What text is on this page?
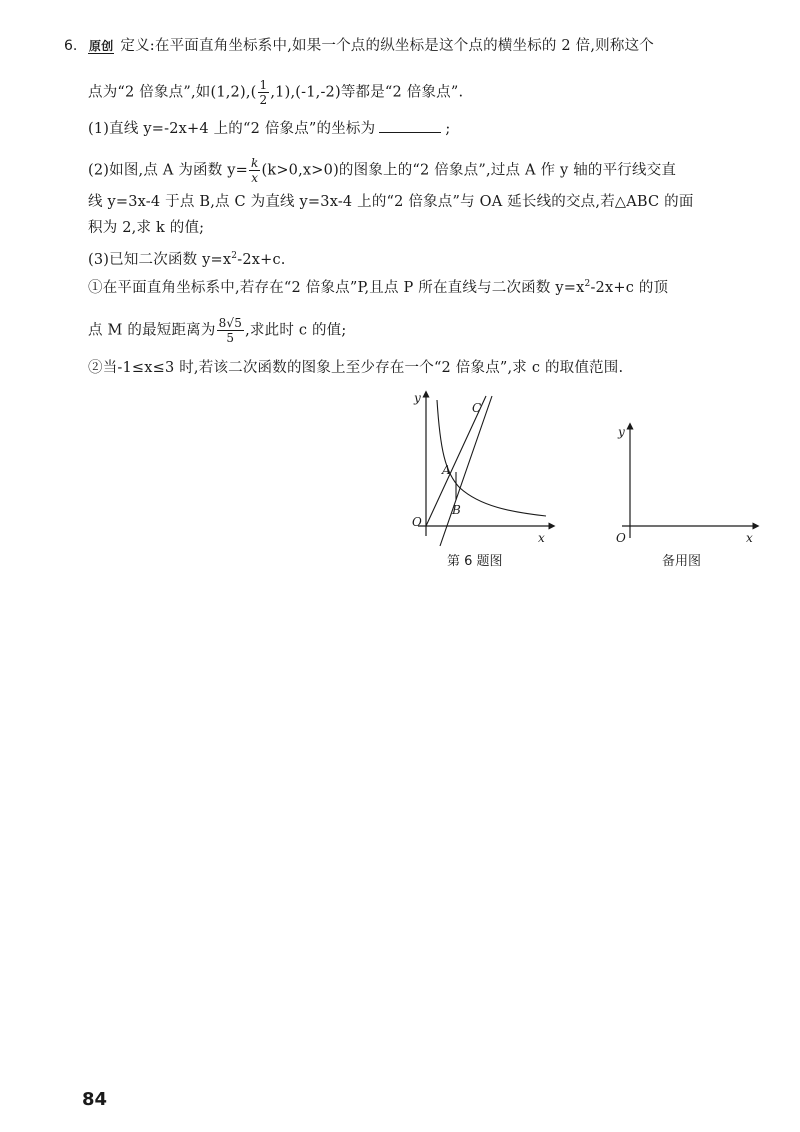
6. 原创 定义:在平面直角坐标系中,如果一个点的纵坐标是这个点的横坐标的 2 倍,则称这个
点为“2 倍象点”,如$(1,2),( \frac{1}{2} ,1),(-1,-2)$等都是“2 倍象点”.
(1)直线 y=-2x+4 上的“2 倍象点”的坐标为	;
(2)如图,点 A 为函数 $y= \frac{k}{x} (k>0,x>0)$的图象上的“2 倍象点”,过点 A 作 y 轴的平行线交直
线 y=3x-4 于点 B,点 C 为直线 y=3x-4 上的“2 倍象点”与 OA 延长线的交点,若△ABC 的面
积为 2,求 k 的值;
(3)已知二次函数 $y=x^2-2x+c$.
①在平面直角坐标系中,若存在“2 倍象点”P,且点 P 所在直线与二次函数 $y=x^2-2x+c$ 的顶
点 M 的最短距离为 $\frac{8√5}{5}$ ,求此时 c 的值;
②当-1≤x≤3 时,若该二次函数的图象上至少存在一个“2 倍象点”,求 c 的取值范围.
y
x
O
A
B
C
第 6 题图
y
x
O
备用图
84
